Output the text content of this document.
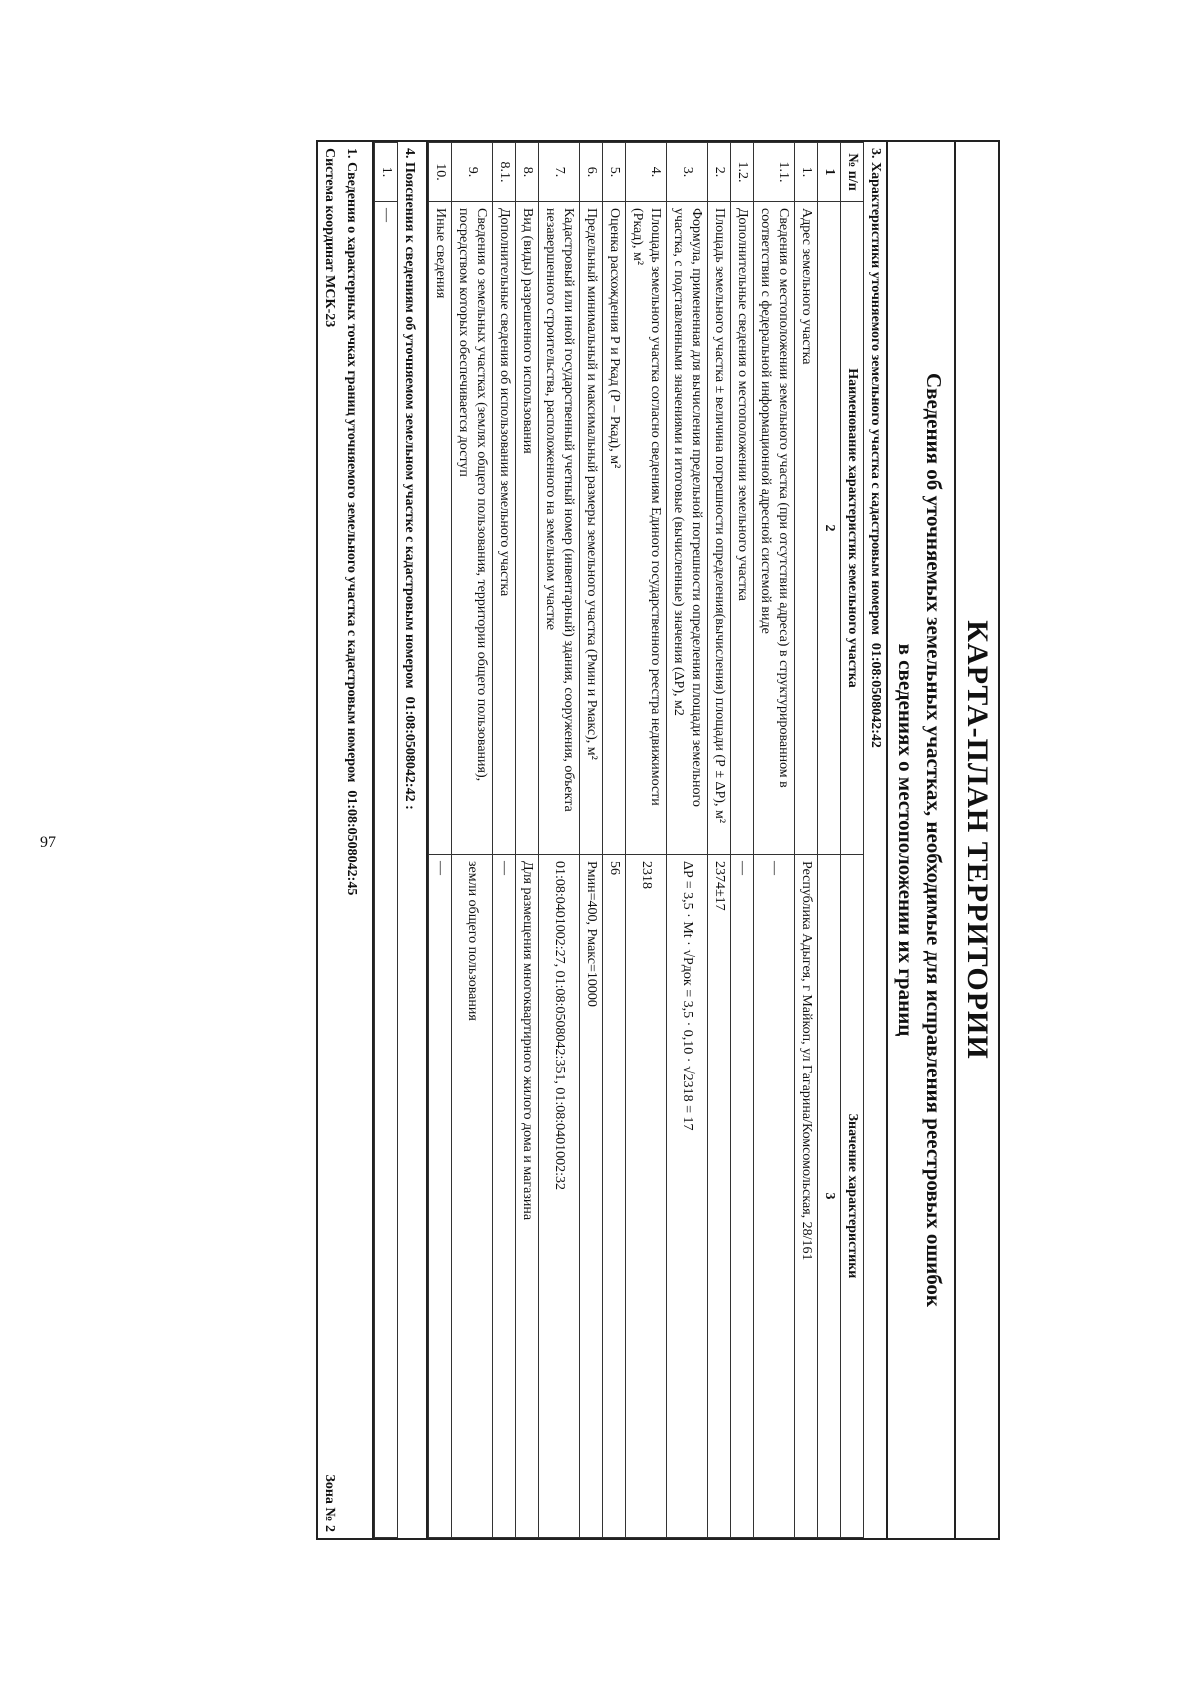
97	КАРТА-ПЛАН ТЕРРИТОРИИ
Сведения об уточняемых земельных участках, необходимые для исправления реестровых ошибок
в сведениях о местоположении их границ
3. Характеристики уточняемого земельного участка с кадастровым номером01:08:0508042:42
№ п/п	Наименование характеристик земельного участка	Значение характеристики
1	2	3
1.	Адрес земельного участка	Республика Адыгея, г Майкоп, ул Гагарина/Комсомольская, 28/161
1.1.	Сведения о местоположении земельного участка (при отсутствии адреса) в структурированном в соответствии с федеральной информационной адресной системой виде	—
1.2.	Дополнительные сведения о местоположении земельного участка	—
2.	Площадь земельного участка ± величина погрешности определения(вычисления) площади (Р ± ΔР), м²	2374±17
3.	Формула, примененная для вычисления предельной погрешности определения площади земельного участка, с подставленными значениями и итоговые (вычисленные) значения (ΔР), м2	ΔP = 3,5 · Mt · √Pдок = 3,5 · 0,10 · √2318 = 17
4.	Площадь земельного участка согласно сведениям Единого государственного реестра недвижимости (Ркад), м²	2318
5.	Оценка расхождения Р и Ркад (Р – Ркад), м²	56
6.	Предельный минимальный и максимальный размеры земельного участка (Рмин и Рмакс), м²	Рмин=400, Рмакс=10000
7.	Кадастровый или иной государственный учетный номер (инвентарный) здания, сооружения, объекта незавершенного строительства, расположенного на земельном участке	01:08:0401002:27, 01:08:0508042:351, 01:08:0401002:32
8.	Вид (виды) разрешенного использования	Для размещения многоквартирного жилого дома и магазина
8.1.	Дополнительные сведения об использовании земельного участка	—
9.	Сведения о земельных участках (землях общего пользования, территории общего пользования), посредством которых обеспечивается доступ	земли общего пользования
10.	Иные сведения	—
4. Пояснения к сведениям об уточняемом земельном участке с кадастровым номером01:08:0508042:42 :
1.	—
1. Сведения о характерных точках границ уточняемого земельного участка с кадастровым номером01:08:0508042:45
Система координат МСК-23
Зона № 2
